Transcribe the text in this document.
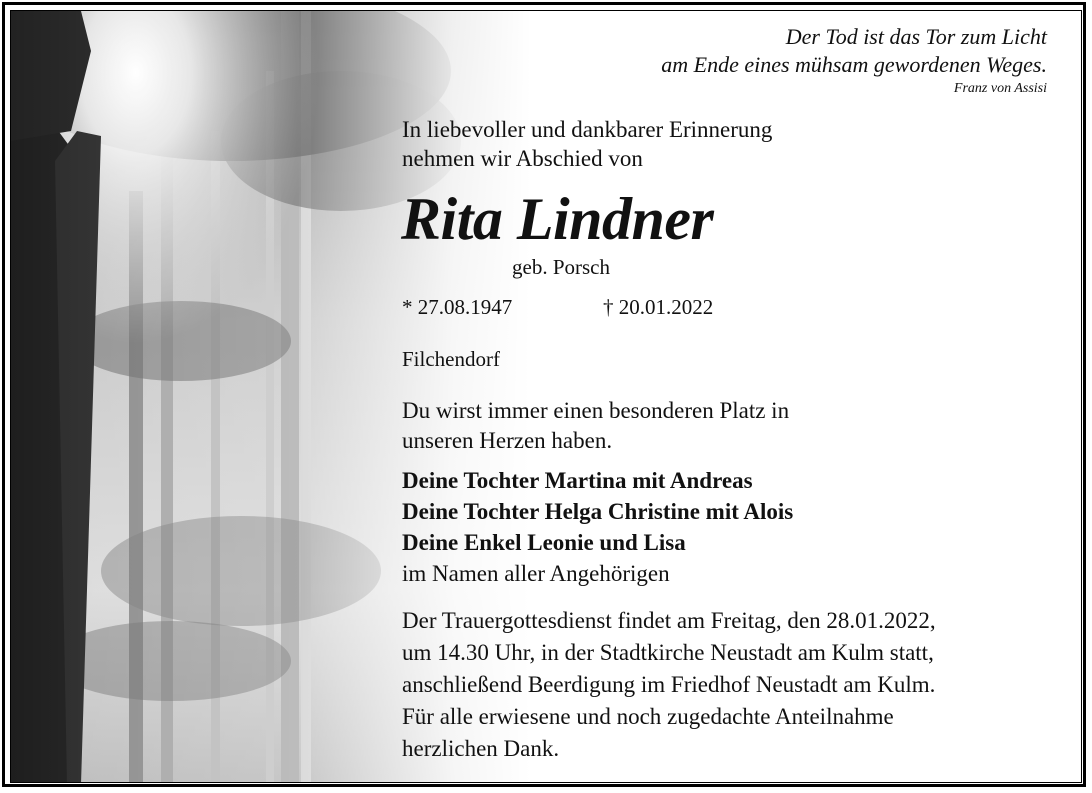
Der Tod ist das Tor zum Licht
am Ende eines mühsam gewordenen Weges.
Franz von Assisi
In liebevoller und dankbarer Erinnerung
nehmen wir Abschied von
Rita Lindner
geb. Porsch
* 27.08.1947	† 20.01.2022
Filchendorf
Du wirst immer einen besonderen Platz in
unseren Herzen haben.
Deine Tochter Martina mit Andreas
Deine Tochter Helga Christine mit Alois
Deine Enkel Leonie und Lisa
im Namen aller Angehörigen
Der Trauergottesdienst findet am Freitag, den 28.01.2022,
um 14.30 Uhr, in der Stadtkirche Neustadt am Kulm statt,
anschließend Beerdigung im Friedhof Neustadt am Kulm.
Für alle erwiesene und noch zugedachte Anteilnahme
herzlichen Dank.
